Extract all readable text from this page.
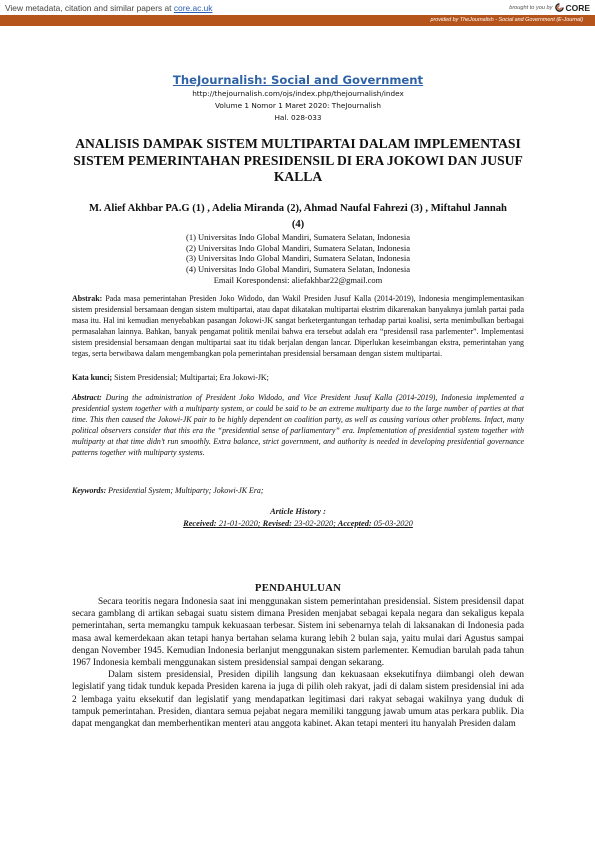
View metadata, citation and similar papers at core.ac.uk	brought to you by CORE
provided by TheJournalish - Social and Government (E-Journal)
TheJournalish: Social and Government
http://thejournalish.com/ojs/index.php/thejournalish/index
Volume 1 Nomor 1 Maret 2020: TheJournalish
Hal. 028-033
ANALISIS DAMPAK SISTEM MULTIPARTAI DALAM IMPLEMENTASI SISTEM PEMERINTAHAN PRESIDENSIL DI ERA JOKOWI DAN JUSUF KALLA
M. Alief Akhbar PA.G (1) , Adelia Miranda (2), Ahmad Naufal Fahrezi (3) , Miftahul Jannah (4)
(1) Universitas Indo Global Mandiri, Sumatera Selatan, Indonesia
(2) Universitas Indo Global Mandiri, Sumatera Selatan, Indonesia
(3) Universitas Indo Global Mandiri, Sumatera Selatan, Indonesia
(4) Universitas Indo Global Mandiri, Sumatera Selatan, Indonesia
Email Korespondensi: aliefakhbar22@gmail.com
Abstrak: Pada masa pemerintahan Presiden Joko Widodo, dan Wakil Presiden Jusuf Kalla (2014-2019), Indonesia mengimplementasikan sistem presidensial bersamaan dengan sistem multipartai, atau dapat dikatakan multipartai ekstrim dikarenakan banyaknya jumlah partai pada masa itu. Hal ini kemudian menyebabkan pasangan Jokowi-JK sangat berketergantungan terhadap partai koalisi, serta menimbulkan berbagai permasalahan lainnya. Bahkan, banyak pengamat politik menilai bahwa era tersebut adalah era “presidensil rasa parlementer”. Implementasi sistem presidensial bersamaan dengan multipartai saat itu tidak berjalan dengan lancar. Diperlukan keseimbangan ekstra, pemerintahan yang tegas, serta berwibawa dalam mengembangkan pola pemerintahan presidensial bersamaan dengan sistem multipartai.
Kata kunci; Sistem Presidensial; Multipartai; Era Jokowi-JK;
Abstract: During the administration of President Joko Widodo, and Vice President Jusuf Kalla (2014-2019), Indonesia implemented a presidential system together with a multiparty system, or could be said to be an extreme multiparty due to the large number of parties at that time. This then caused the Jokowi-JK pair to be highly dependent on coalition party, as well as causing various other problems. Infact, many political observers consider that this era the “presidential sense of parliamentary” era. Implementation of presidential system together with multiparty at that time didn’t run smoothly. Extra balance, strict government, and authority is needed in developing presidential governance patterns together with multiparty systems.
Keywords: Presidential System; Multiparty; Jokowi-JK Era;
Article History :
Received: 21-01-2020; Revised: 23-02-2020; Accepted: 05-03-2020
PENDAHULUAN

Secara teoritis negara Indonesia saat ini menggunakan sistem pemerintahan presidensial. Sistem presidensil dapat secara gamblang di artikan sebagai suatu sistem dimana Presiden menjabat sebagai kepala negara dan sekaligus kepala pemerintahan, serta memangku tampuk kekuasaan terbesar. Sistem ini sebenarnya telah di laksanakan di Indonesia pada masa awal kemerdekaan akan tetapi hanya bertahan selama kurang lebih 2 bulan saja, yaitu mulai dari Agustus sampai dengan November 1945. Kemudian Indonesia berlanjut menggunakan sistem parlementer. Kemudian barulah pada tahun 1967 Indonesia kembali menggunakan sistem presidensial sampai dengan sekarang.

Dalam sistem presidensial, Presiden dipilih langsung dan kekuasaan eksekutifnya diimbangi oleh dewan legislatif yang tidak tunduk kepada Presiden karena ia juga di pilih oleh rakyat, jadi di dalam sistem presidensial ini ada 2 lembaga yaitu eksekutif dan legislatif yang mendapatkan legitimasi dari rakyat sebagai wakilnya yang duduk di tampuk pemerintahan. Presiden, diantara semua pejabat negara memiliki tanggung jawab umum atas perkara publik. Dia dapat mengangkat dan memberhentikan menteri atau anggota kabinet. Akan tetapi menteri itu hanyalah Presiden dalam
